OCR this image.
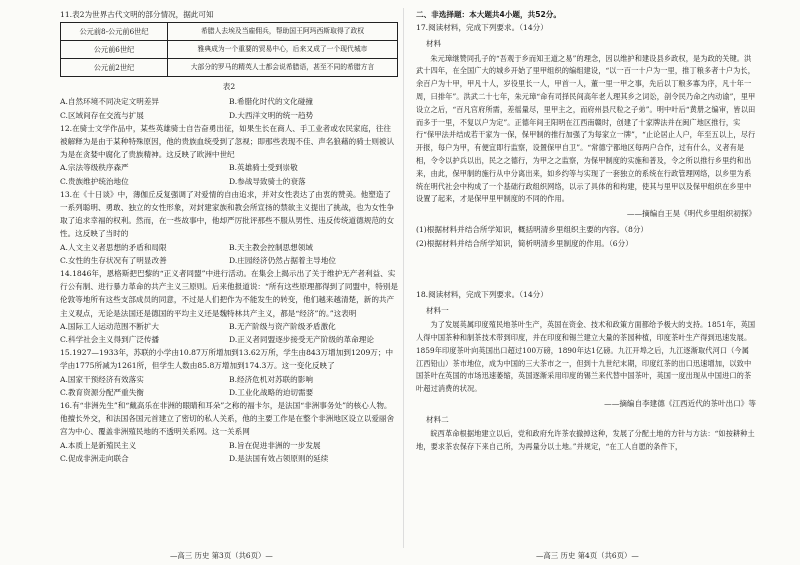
11.表2为世界古代文明的部分情况，据此可知

公元前8-公元前6世纪	希腊人去埃及当雇佣兵，帮助国王阿玛西斯取得了政权
公元前6世纪	雅典成为一个重要的贸易中心，后来又成了一个现代城市
公元前2世纪	大部分的罗马的精英人士都会说希腊语，甚至不同的希腊方言

表2

A.自然环境不同决定文明差异	B.希腊化时代的文化碰撞
C.区域间存在交流与扩展	D.大西洋文明的统一趋势

12.在骑士文学作品中，某些英雄骑士自告奋勇出征，如果生长在商人、手工业者或农民家庭，往往被解释为是由于某种特殊原因，他的贵族血统受到了忽视；即那些表现不佳、声名狼藉的骑士则被认为是在贪婪中腐化了贵族精神。这反映了欧洲中世纪

A.宗法等级秩序森严	B.英雄骑士受到崇敬
C.贵族维护统治地位	D.参战导致骑士的衰落

13.在《十日谈》中，薄伽丘反复强调了对爱情的自由追求，并对女性表达了由衷的赞美。他塑造了一系列聪明、勇敢、独立的女性形象，对封建家族和教会所宣扬的禁欲主义提出了挑战，也为女性争取了追求幸福的权利。然而，在一些故事中，他却严厉批评那些不服从男性、违反传统道德规范的女性。这反映了当时的

A.人文主义者思想的矛盾和局限	B.天主教会控制思想领域
C.女性的生存状况有了明显改善	D.庄园经济仍然占据着主导地位

14.1846年，恩格斯把巴黎的“正义者同盟”中进行活动。在集会上揭示出了关于维护无产者利益、实行公有制、进行暴力革命的共产主义三原则。后来他报道说：“所有这些原理都得到了同盟中，特别是伦敦等地所有这些支部成员的同意，不过是人们把作为不能发生的转变，他们越来越清楚，新的共产主义观点，无论是法国还是德国的平均主义还是魏特林共产主义，都是“经济”的。”这表明

A.国际工人运动范围不断扩大	B.无产阶级与资产阶级矛盾激化
C.科学社会主义得到广泛传播	D.正义者同盟逐步接受无产阶级的革命理论

15.1927—1933年，苏联的小学由10.87万所增加到13.62万所，学生由843万增加到1209万；中学由1775所减为1261所，但学生人数由85.8万增加到174.3万。这一变化反映了

A.国家干预经济有效落实	B.经济危机对苏联的影响
C.教育资源分配严重失衡	D.工业化战略的迫切需要

16.有“非洲先生”和“戴高乐在非洲的眼睛和耳朵”之称的福卡尔，是法国“非洲事务处”的核心人物。他擅长外交，和法国各国元首建立了密切的私人关系，他的主要工作是在整个非洲地区设立以爱丽舍宫为中心、覆盖非洲殖民地的不透明关系网。这一关系网

A.本质上是新殖民主义	B.旨在促进非洲的一步发展
C.促成非洲走向联合	D.是法国有效占领原则的延续

二、非选择题：本大题共4小题，共52分。

17.阅读材料，完成下列要求。（14分）

材料

朱元璋继赞同孔子的“吾观于乡而知王道之易”的理念，因以维护和建设县乡政权，是为政的关键。洪武十四年，在全国广大的城乡开始了里甲组织的编组建设，“以一百一十户为一里，推丁粮多者十户为长，余百户为十甲，甲凡十人，岁役里长一人，甲首一人，董一里一甲之事，先后以丁粮多寡为序，凡十年一周，曰排年”。洪武二十七年，朱元璋“命有司择民间高年老人理其乡之词讼，剖令民乃命之内动谕”，里甲设立之后，“百凡官府所需，差徭量尽，里甲主之，而府州县尺粒之子弟”。明中叶后“黄册之编审，皆以田而多于一里，不复以户为定”。正德年间王阳明在江西南赣时，创建了十家牌法并在闽广地区推行，实行“保甲法并结成若干家为一保，保甲制的推行加强了为每家立一牌”，“止论居止人户，年至五以上，尽行开报，每户为甲，有便宜即行监察，设置保甲自卫”。“常德宁都地区每两户合作，过有什么，义者有是相，令令以护兵以出，民之之德行，为甲之之监察，为保甲制度的实施和普及，令之所以推行乡里约和出来，由此，保甲制的施行从中分离出来，如乡约等与实现了一套独立的系统在行政管理网络，以乡里为系统在明代社会中构成了一个基础行政组织网络，以示了具体的和构建，使其与里甲以及保甲组织在乡里中设置了起来，才是保甲里甲制度的不同的作用。

——摘编自王昊《明代乡里组织初探》

(1)根据材料并结合所学知识，概括明清乡里组织主要的内容。（8分）

(2)根据材料并结合所学知识，简析明清乡里制度的作用。（6分）

18.阅读材料，完成下列要求。（14分）

材料一

为了发展英属印度殖民地茶叶生产，英国在资金、技术和政策方面都给予极大的支持。1851年，英国人得中国茶种和制茶技术带到印度，并在印度和锡兰建立大量的茶园种植，印度茶叶生产得到迅速发展。1859年印度茶叶向英国出口超过100万磅，1890年达1亿磅。九江开埠之后，九江逐渐取代河口（今属江西铅山）茶市地位，成为中国的三大茶市之一，但到十九世纪末期，印度红茶的出口迅速增加，以致中国茶叶在英国的市场迅速萎缩，英国逐渐采用印度的锡兰来代替中国茶叶，英国一度出现从中国进口的茶叶超过消费的状况。

——摘编自李建德《江西近代的茶叶出口》等

材料二

皖西革命根据地建立以后，党和政府允许茶农撤掉这种，发展了分配土地的方针与方法：“如按耕种土地，要求茶农保存下来自己所，为再量分以土地。”并规定，“在工人自愿的条件下，

—高三 历史 第3页（共6页）—	—高三 历史 第4页（共6页）—
